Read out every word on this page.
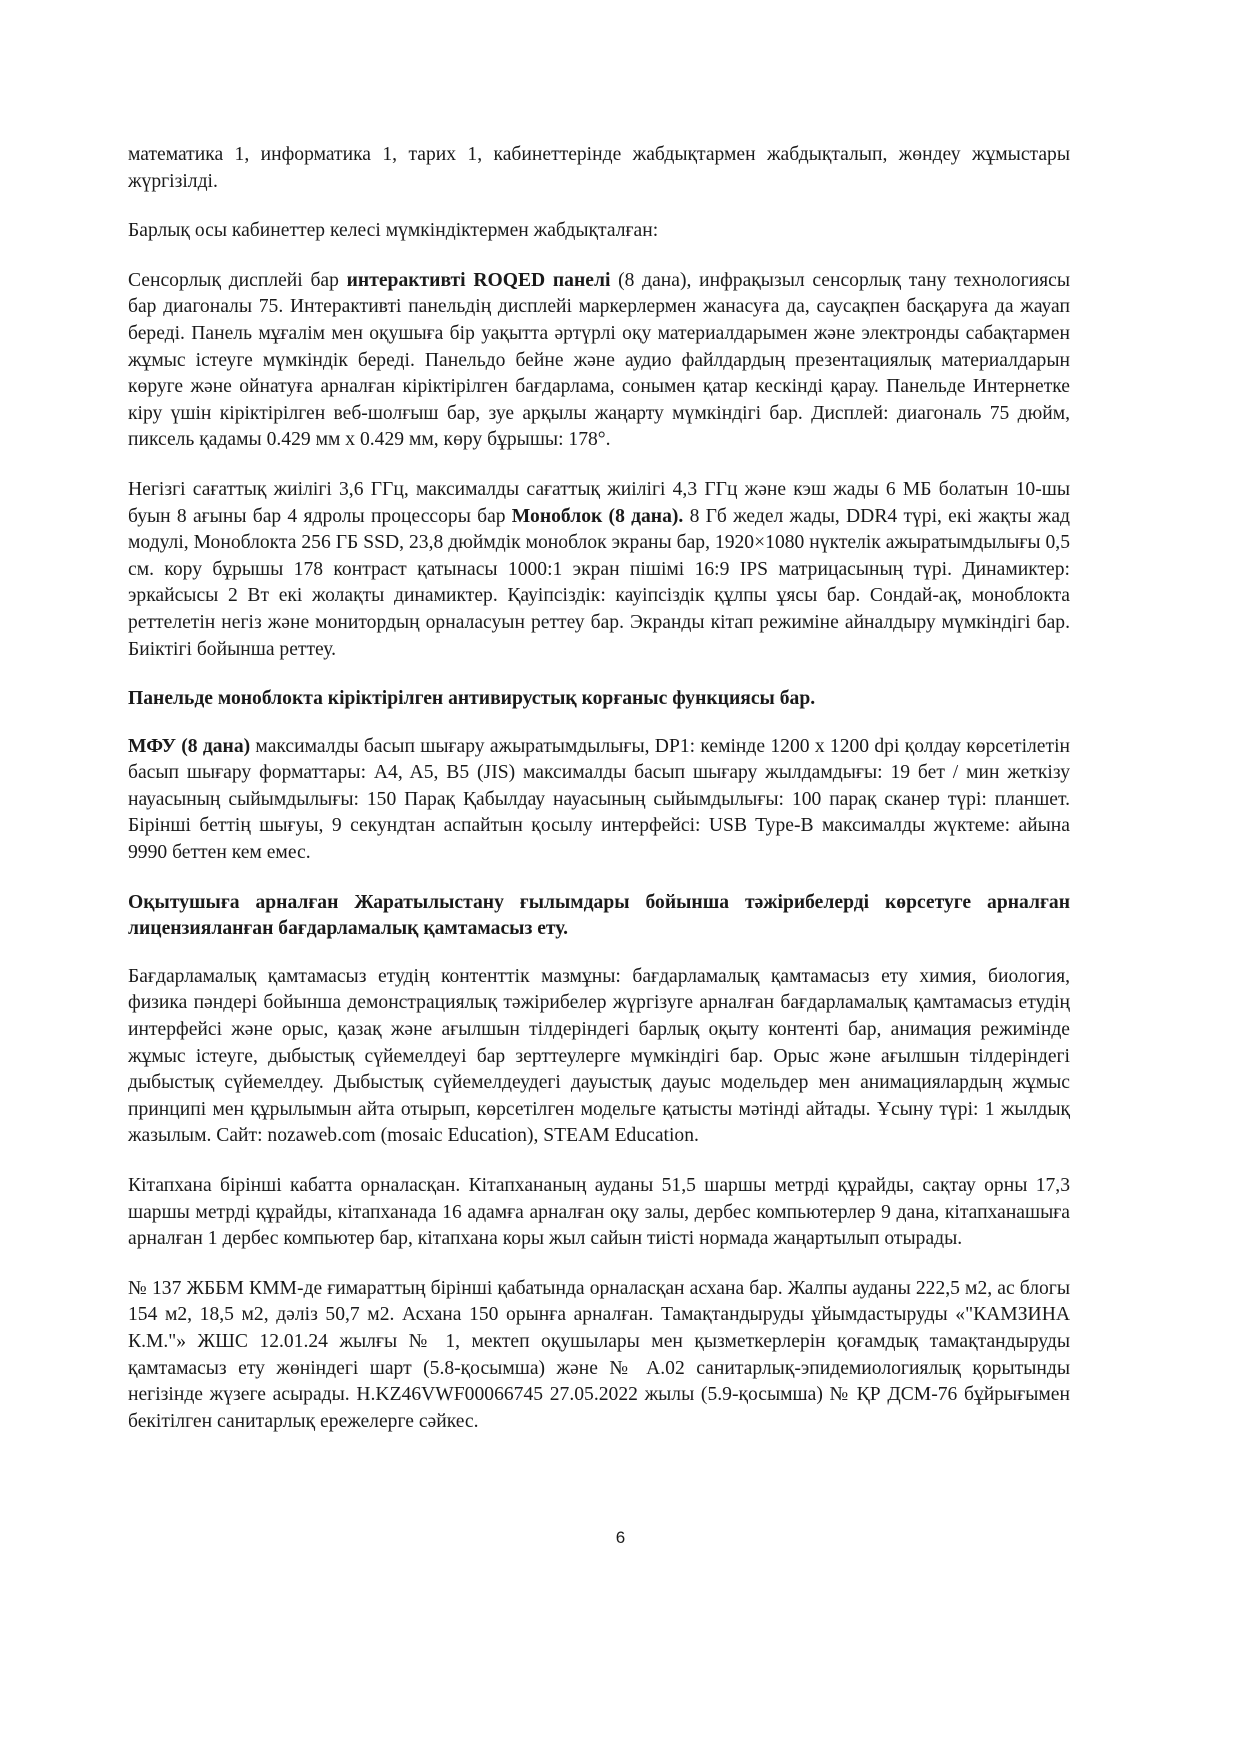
математика 1, информатика 1, тарих 1, кабинеттерінде жабдықтармен жабдықталып, жөндеу жұмыстары жүргізілді.

Барлық осы кабинеттер келесі мүмкіндіктермен жабдықталған:

Сенсорлық дисплейі бар интерактивті ROQED панелі (8 дана), инфрақызыл сенсорлық тану технологиясы бар диагоналы 75. Интерактивті панельдің дисплейі маркерлермен жанасуға да, саусақпен басқаруға да жауап береді. Панель мұғалім мен оқушыға бір уақытта әртүрлі оқу материалдарымен және электронды сабақтармен жұмыс істеуге мүмкіндік береді. Панельдо бейне және аудио файлдардың презентациялық материалдарын көруге және ойнатуға арналған кіріктірілген бағдарлама, сонымен қатар кескінді қарау. Панельде Интернетке кіру үшін кіріктірілген веб-шолғыш бар, зуе арқылы жаңарту мүмкіндігі бар. Дисплей: диагональ 75 дюйм, пиксель қадамы 0.429 мм x 0.429 мм, көру бұрышы: 178°.

Негізгі сағаттық жиілігі 3,6 ГГц, максималды сағаттық жиілігі 4,3 ГГц және кэш жады 6 МБ болатын 10-шы буын 8 ағыны бар 4 ядролы процессоры бар Моноблок (8 дана). 8 Гб жедел жады, DDR4 түрі, екі жақты жад модулі, Моноблокта 256 ГБ SSD, 23,8 дюймдік моноблок экраны бар, 1920×1080 нүктелік ажыратымдылығы 0,5 см. кору бұрышы 178 контраст қатынасы 1000:1 экран пішімі 16:9 IPS матрицасының түрі. Динамиктер: эркайсысы 2 Вт екі жолақты динамиктер. Қауіпсіздік: кауіпсіздік құлпы ұясы бар. Сондай-ақ, моноблокта реттелетін негіз және монитордың орналасуын реттеу бар. Экранды кітап режиміне айналдыру мүмкіндігі бар. Биіктігі бойынша реттеу.

Панельде моноблокта кіріктірілген антивирустық корғаныс функциясы бар.

МФУ (8 дана) максималды басып шығару ажыратымдылығы, DP1: кемінде 1200 x 1200 dpi қолдау көрсетілетін басып шығару форматтары: A4, A5, B5 (JIS) максималды басып шығару жылдамдығы: 19 бет / мин жеткізу науасының сыйымдылығы: 150 Парақ Қабылдау науасының сыйымдылығы: 100 парақ сканер түрі: планшет. Бірінші беттің шығуы, 9 секундтан аспайтын қосылу интерфейсі: USB Type-B максималды жүктеме: айына 9990 беттен кем емес.

Оқытушыға арналған Жаратылыстану ғылымдары бойынша тәжірибелерді көрсетуге арналған лицензияланған бағдарламалық қамтамасыз ету.

Бағдарламалық қамтамасыз етудің контенттік мазмұны: бағдарламалық қамтамасыз ету химия, биология, физика пәндері бойынша демонстрациялық тәжірибелер жүргізуге арналған бағдарламалық қамтамасыз етудің интерфейсі және орыс, қазақ және ағылшын тілдеріндегі барлық оқыту контенті бар, анимация режимінде жұмыс істеуге, дыбыстық сүйемелдеуі бар зерттеулерге мүмкіндігі бар. Орыс және ағылшын тілдеріндегі дыбыстық сүйемелдеу. Дыбыстық сүйемелдеудегі дауыстық дауыс модельдер мен анимациялардың жұмыс принципі мен құрылымын айта отырып, көрсетілген модельге қатысты мәтінді айтады. Ұсыну түрі: 1 жылдық жазылым. Сайт: nozaweb.com (mosaic Education), STEAM Education.

Кітапхана бірінші кабатта орналасқан. Кітапхананың ауданы 51,5 шаршы метрді құрайды, сақтау орны 17,3 шаршы метрді құрайды, кітапханада 16 адамға арналған оқу залы, дербес компьютерлер 9 дана, кітапханашыға арналған 1 дербес компьютер бар, кітапхана коры жыл сайын тиісті нормада жаңартылып отырады.

№ 137 ЖББМ КММ-де ғимараттың бірінші қабатында орналасқан асхана бар. Жалпы ауданы 222,5 м2, ас блогы 154 м2, 18,5 м2, дәліз 50,7 м2. Асхана 150 орынға арналған. Тамақтандыруды ұйымдастыруды «"КАМЗИНА К.М."» ЖШС 12.01.24 жылғы № 1, мектеп оқушылары мен қызметкерлерін қоғамдық тамақтандыруды қамтамасыз ету жөніндегі шарт (5.8-қосымша) және № А.02 санитарлық-эпидемиологиялық қорытынды негізінде жүзеге асырады. Н.KZ46VWF00066745 27.05.2022 жылы (5.9-қосымша) № ҚР ДСМ-76 бұйрығымен бекітілген санитарлық ережелерге сәйкес.

6
